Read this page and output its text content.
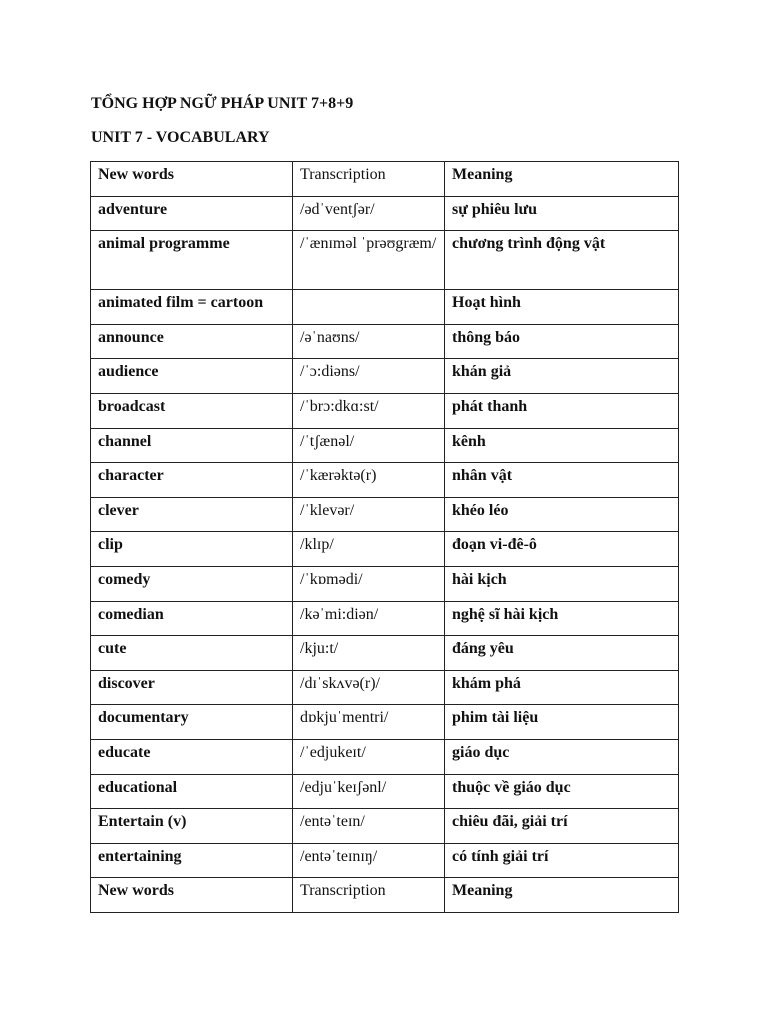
TỔNG HỢP NGỮ PHÁP UNIT 7+8+9
UNIT 7 - VOCABULARY
New words	Transcription	Meaning
adventure	/ədˈventʃər/	sự phiêu lưu
animal programme	/ˈænɪməl ˈprəʊgræm/	chương trình động vật
animated film = cartoon		Hoạt hình
announce	/əˈnaʊns/	thông báo
audience	/ˈɔ:diəns/	khán giả
broadcast	/ˈbrɔ:dkɑ:st/	phát thanh
channel	/ˈtʃænəl/	kênh
character	/ˈkærəktə(r)	nhân vật
clever	/ˈklevər/	khéo léo
clip	/klɪp/	đoạn vi-đê-ô
comedy	/ˈkɒmədi/	hài kịch
comedian	/kəˈmi:diən/	nghệ sĩ hài kịch
cute	/kju:t/	đáng yêu
discover	/dɪˈskʌvə(r)/	khám phá
documentary	dɒkjuˈmentri/	phim tài liệu
educate	/ˈedjukeɪt/	giáo dục
educational	/edjuˈkeɪʃənl/	thuộc về giáo dục
Entertain (v)	/entəˈteɪn/	chiêu đãi, giải trí
entertaining	/entəˈteɪnɪŋ/	có tính giải trí
New words	Transcription	Meaning
